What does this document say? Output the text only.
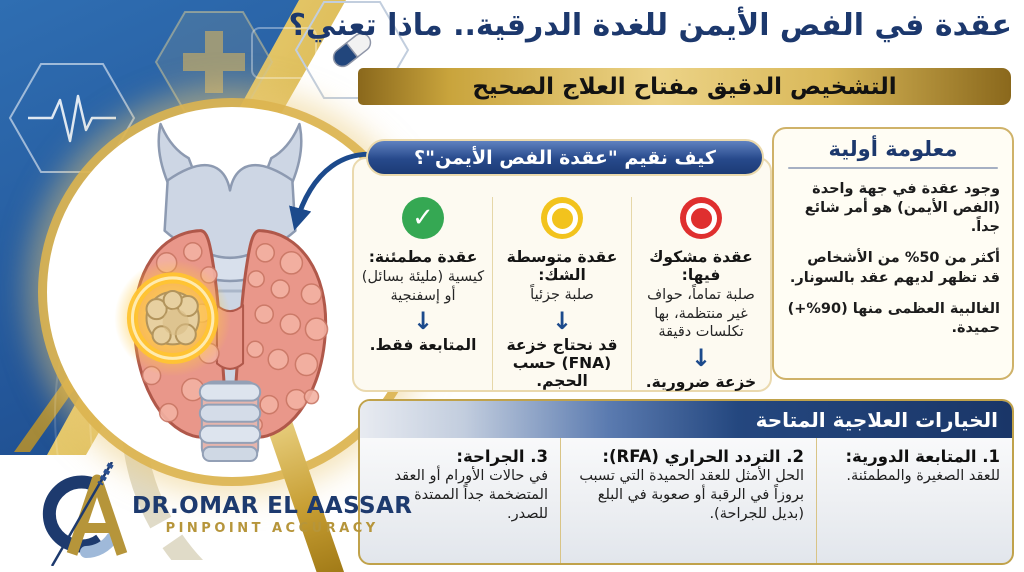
عقدة في الفص الأيمن للغدة الدرقية.. ماذا تعني؟
التشخيص الدقيق مفتاح العلاج الصحيح
عقدة مشكوك فيها:
صلبة تماماً، حواف غير منتظمة، بها تكلسات دقيقة
↓
خزعة ضرورية.
عقدة متوسطة الشك:
صلبة جزئياً
↓
قد نحتاج خزعة (FNA) حسب الحجم.
✓
عقدة مطمئنة:
كيسية (مليئة بسائل) أو إسفنجية
↓
المتابعة فقط.
كيف نقيم "عقدة الفص الأيمن"؟	معلومة أولية

وجود عقدة في جهة واحدة (الفص الأيمن) هو أمر شائع جداً.

أكثر من 50% من الأشخاص قد تظهر لديهم عقد بالسونار.

الغالبية العظمى منها (90%+) حميدة.

الخيارات العلاجية المتاحة
1. المتابعة الدورية:
للعقد الصغيرة والمطمئنة.
2. التردد الحراري (RFA):
الحل الأمثل للعقد الحميدة التي تسبب بروزاً في الرقبة أو صعوبة في البلع (بديل للجراحة).
3. الجراحة:
في حالات الأورام أو العقد المتضخمة جداً الممتدة للصدر.
DR.OMAR EL AASSAR
PINPOINT ACCURACY
